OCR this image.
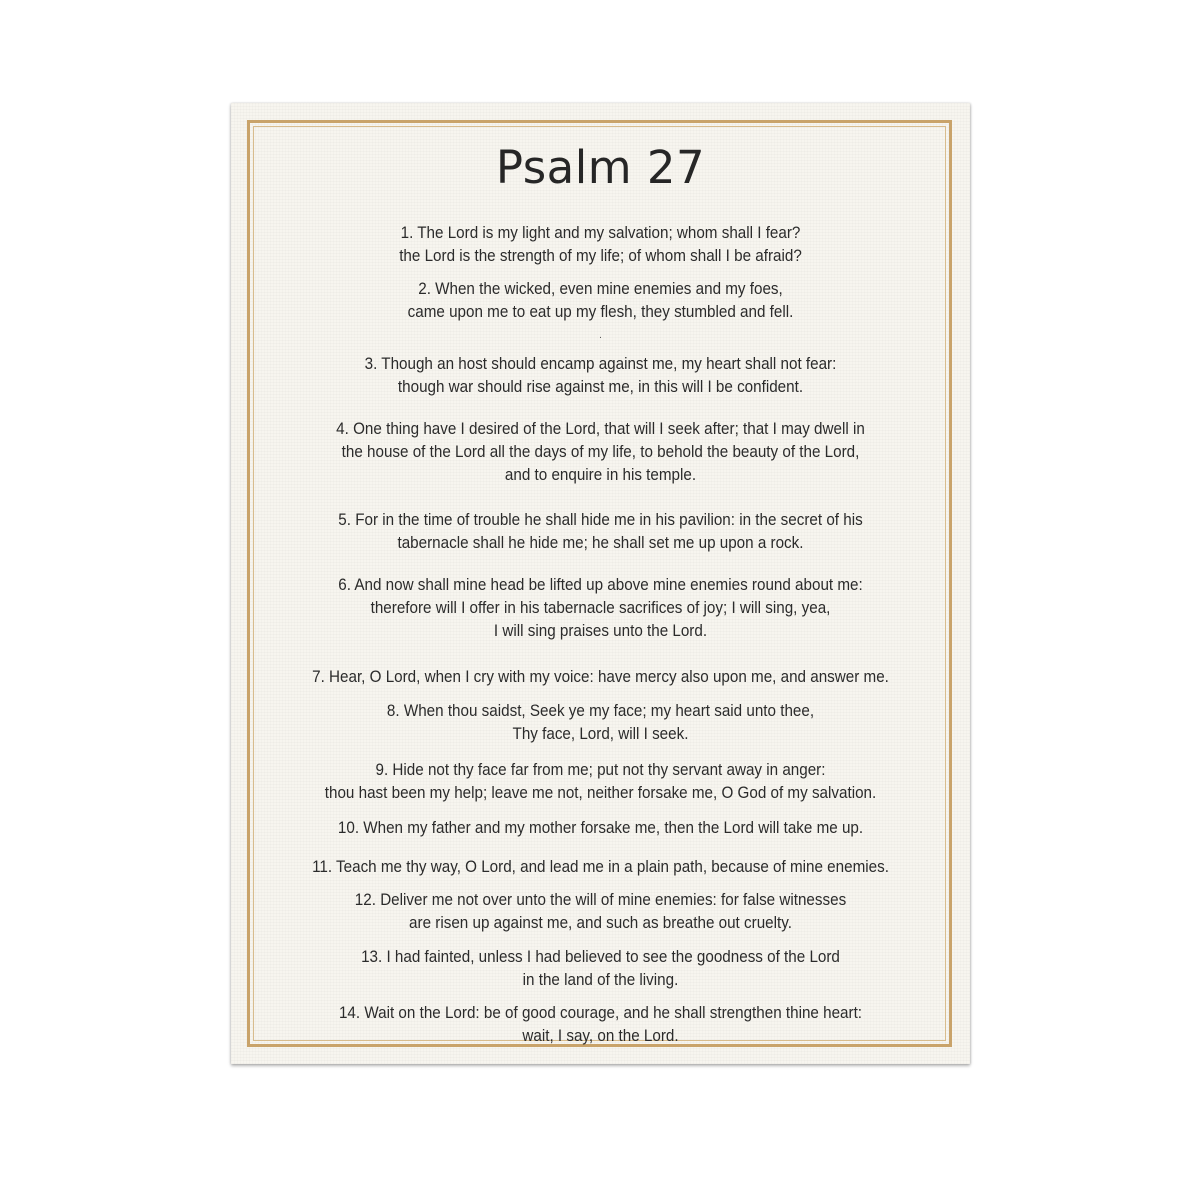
Psalm 27
1. The Lord is my light and my salvation; whom shall I fear?
the Lord is the strength of my life; of whom shall I be afraid?
2. When the wicked, even mine enemies and my foes,
came upon me to eat up my flesh, they stumbled and fell.
.
3. Though an host should encamp against me, my heart shall not fear:
though war should rise against me, in this will I be confident.
4. One thing have I desired of the Lord, that will I seek after; that I may dwell in
the house of the Lord all the days of my life, to behold the beauty of the Lord,
and to enquire in his temple.
5. For in the time of trouble he shall hide me in his pavilion: in the secret of his
tabernacle shall he hide me; he shall set me up upon a rock.
6. And now shall mine head be lifted up above mine enemies round about me:
therefore will I offer in his tabernacle sacrifices of joy; I will sing, yea,
I will sing praises unto the Lord.
7. Hear, O Lord, when I cry with my voice: have mercy also upon me, and answer me.
8. When thou saidst, Seek ye my face; my heart said unto thee,
Thy face, Lord, will I seek.
9. Hide not thy face far from me; put not thy servant away in anger:
thou hast been my help; leave me not, neither forsake me, O God of my salvation.
10. When my father and my mother forsake me, then the Lord will take me up.
11. Teach me thy way, O Lord, and lead me in a plain path, because of mine enemies.
12. Deliver me not over unto the will of mine enemies: for false witnesses
are risen up against me, and such as breathe out cruelty.
13. I had fainted, unless I had believed to see the goodness of the Lord
in the land of the living.
14. Wait on the Lord: be of good courage, and he shall strengthen thine heart:
wait, I say, on the Lord.
